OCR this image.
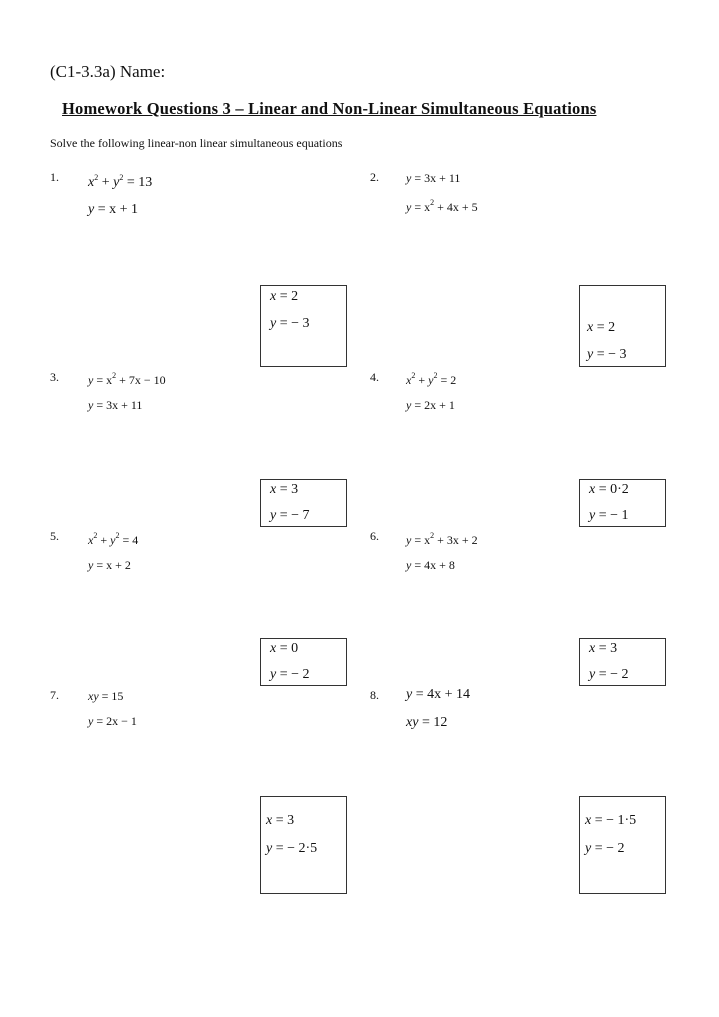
(C1-3.3a) Name:
Homework Questions 3 – Linear and Non-Linear Simultaneous Equations
Solve the following linear-non linear simultaneous equations
1. $x^2 + y^2 = 13$
y = x + 1
x = 2
y = − 3
2. y = 3x + 11
$y = x^2 + 4x + 5$
x = 2
y = − 3
3. $y = x^2 + 7x - 10$
y = 3x + 11
x = 3
y = − 7
4. $x^2 + y^2 = 2$
y = 2x + 1
x = 0·2
y = − 1
5. $x^2 + y^2 = 4$
y = x + 2
x = 0
y = − 2
6. $y = x^2 + 3x + 2$
y = 4x + 8
x = 3
y = − 2
7. xy = 15
y = 2x − 1
x = 3
y = − 2·5
8. y = 4x + 14
xy = 12
x = − 1·5
y = − 2
